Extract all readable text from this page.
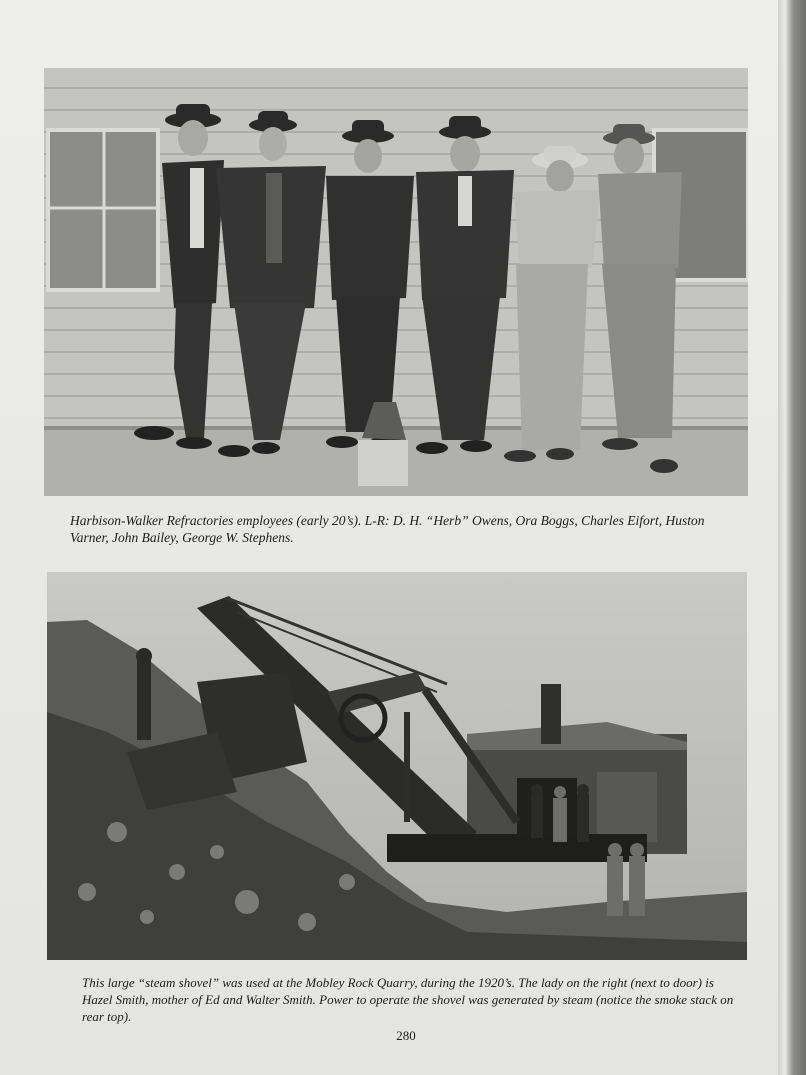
Harbison-Walker Refractories employees (early 20’s). L-R: D. H. “Herb” Owens, Ora Boggs, Charles Eifort, Huston Varner, John Bailey, George W. Stephens.

This large “steam shovel” was used at the Mobley Rock Quarry, during the 1920’s. The lady on the right (next to door) is Hazel Smith, mother of Ed and Walter Smith. Power to operate the shovel was generated by steam (notice the smoke stack on rear top).

280
